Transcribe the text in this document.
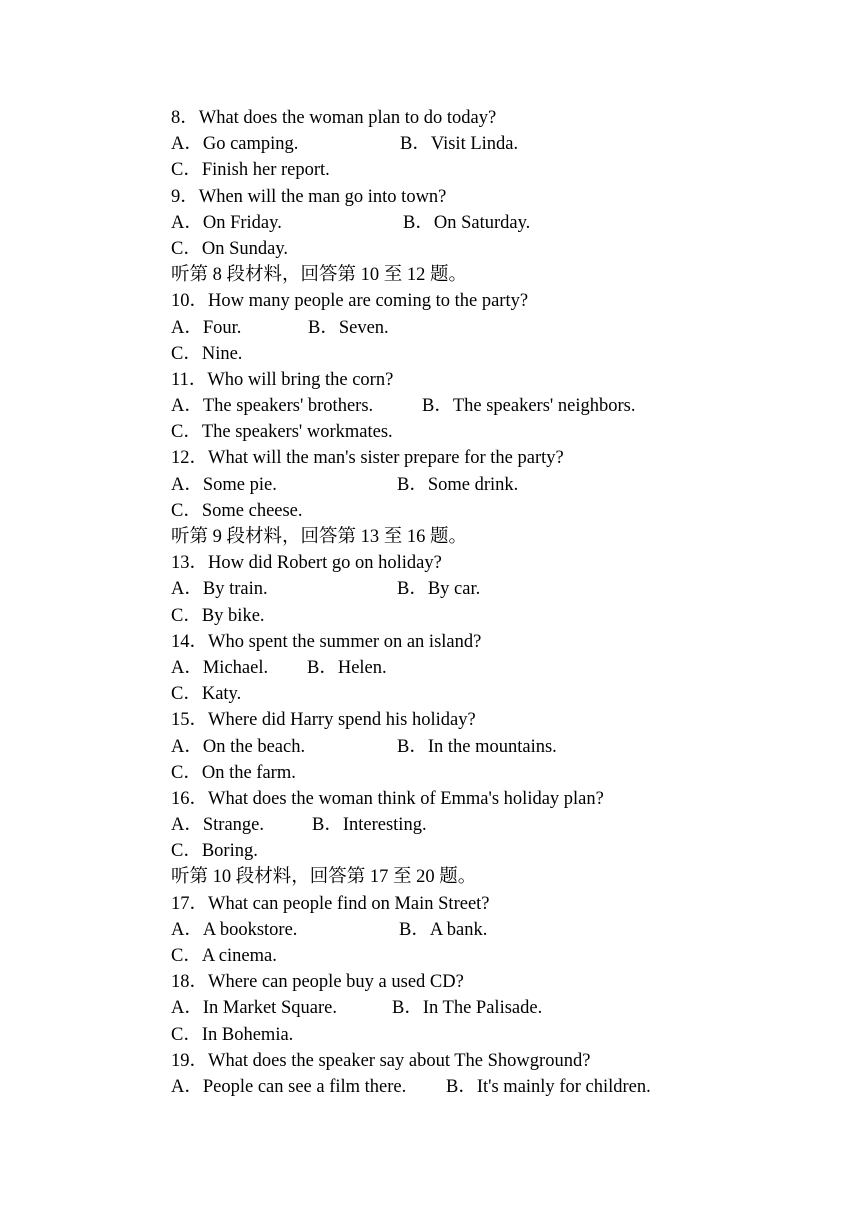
8．What does the woman plan to do today?
A．Go camping.	B．Visit Linda.
C．Finish her report.
9．When will the man go into town?
A．On Friday.	B．On Saturday.
C．On Sunday.
听第 8 段材料，回答第 10 至 12 题。
10．How many people are coming to the party?
A．Four.	B．Seven.
C．Nine.
11．Who will bring the corn?
A．The speakers' brothers.	B．The speakers' neighbors.
C．The speakers' workmates.
12．What will the man's sister prepare for the party?
A．Some pie.	B．Some drink.
C．Some cheese.
听第 9 段材料，回答第 13 至 16 题。
13．How did Robert go on holiday?
A．By train.	B．By car.
C．By bike.
14．Who spent the summer on an island?
A．Michael. B．Helen.
C．Katy.
15．Where did Harry spend his holiday?
A．On the beach.	B．In the mountains.
C．On the farm.
16．What does the woman think of Emma's holiday plan?
A．Strange.	B．Interesting.
C．Boring.
听第 10 段材料，回答第 17 至 20 题。
17．What can people find on Main Street?
A．A bookstore.	B．A bank.
C．A cinema.
18．Where can people buy a used CD?
A．In Market Square.	B．In The Palisade.
C．In Bohemia.
19．What does the speaker say about The Showground?
A．People can see a film there. B．It's mainly for children.
